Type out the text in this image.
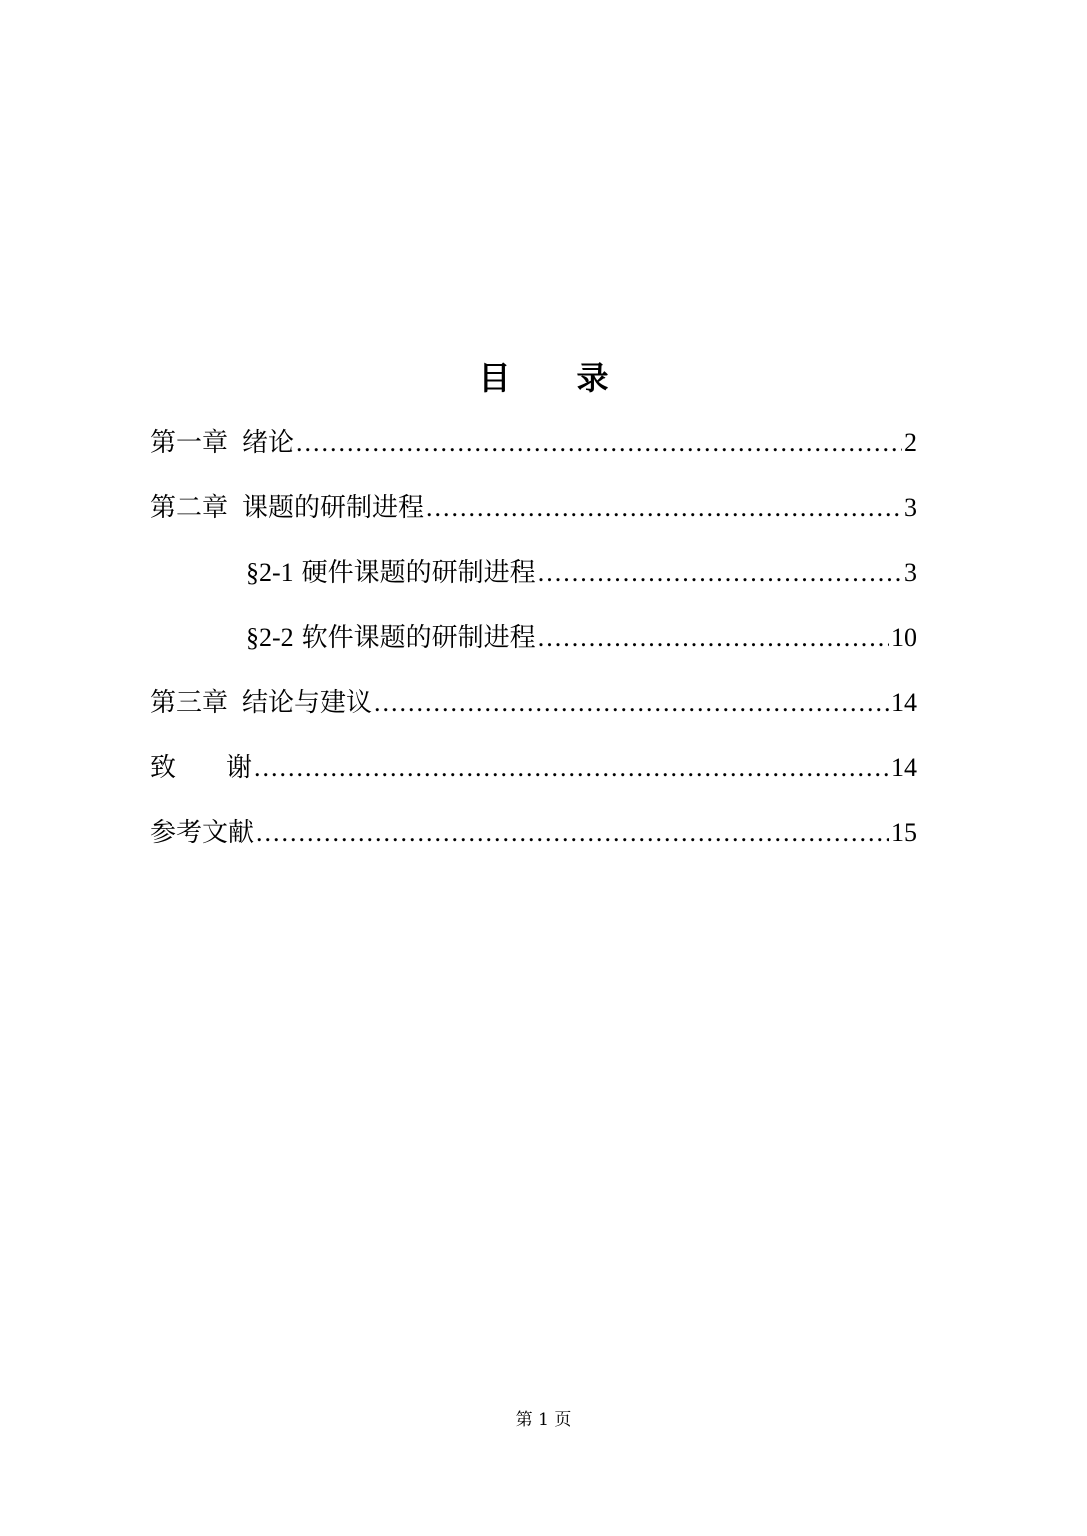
目 录
第一章 绪论 .....	2
第二章 课题的研制进程 .....	3
§2-1 硬件课题的研制进程 .....	3
§2-2 软件课题的研制进程 .....	10
第三章 结论与建议 .....	14
致 谢 .....	14
参考文献 .....	15
第 1 页
